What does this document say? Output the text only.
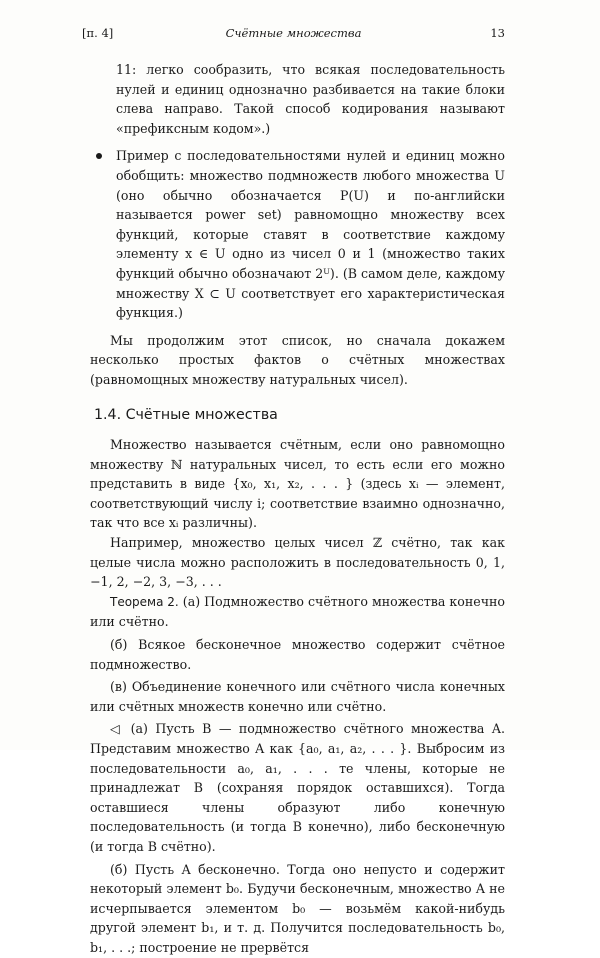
[п. 4]	Счётные множества	13

11: легко сообразить, что всякая последовательность нулей и единиц однозначно разбивается на такие блоки слева направо. Такой способ кодирования называют «префиксным кодом».)

Пример с последовательностями нулей и единиц можно обобщить: множество подмножеств любого множества U (оно обычно обозначается P(U) и по-английски называется power set) равномощно множеству всех функций, которые ставят в соответствие каждому элементу x ∈ U одно из чисел 0 и 1 (множество таких функций обычно обозначают 2ᵁ). (В самом деле, каждому множеству X ⊂ U соответствует его характеристическая функция.)

Мы продолжим этот список, но сначала докажем несколько простых фактов о счётных множествах (равномощных множеству натуральных чисел).

1.4. Счётные множества

Множество называется счётным, если оно равномощно множеству ℕ натуральных чисел, то есть если его можно представить в виде {x₀, x₁, x₂, . . . } (здесь xᵢ — элемент, соответствующий числу i; соответствие взаимно однозначно, так что все xᵢ различны).

Например, множество целых чисел ℤ счётно, так как целые числа можно расположить в последовательность 0, 1, −1, 2, −2, 3, −3, . . .

Теорема 2. (а) Подмножество счётного множества конечно или счётно.

(б) Всякое бесконечное множество содержит счётное подмножество.

(в) Объединение конечного или счётного числа конечных или счётных множеств конечно или счётно.

◁ (а) Пусть B — подмножество счётного множества A. Представим множество A как {a₀, a₁, a₂, . . . }. Выбросим из последовательности a₀, a₁, . . . те члены, которые не принадлежат B (сохраняя порядок оставшихся). Тогда оставшиеся члены образуют либо конечную последовательность (и тогда B конечно), либо бесконечную (и тогда B счётно).

(б) Пусть A бесконечно. Тогда оно непусто и содержит некоторый элемент b₀. Будучи бесконечным, множество A не исчерпывается элементом b₀ — возьмём какой-нибудь другой элемент b₁, и т. д. Получится последовательность b₀, b₁, . . .; построение не прервётся
